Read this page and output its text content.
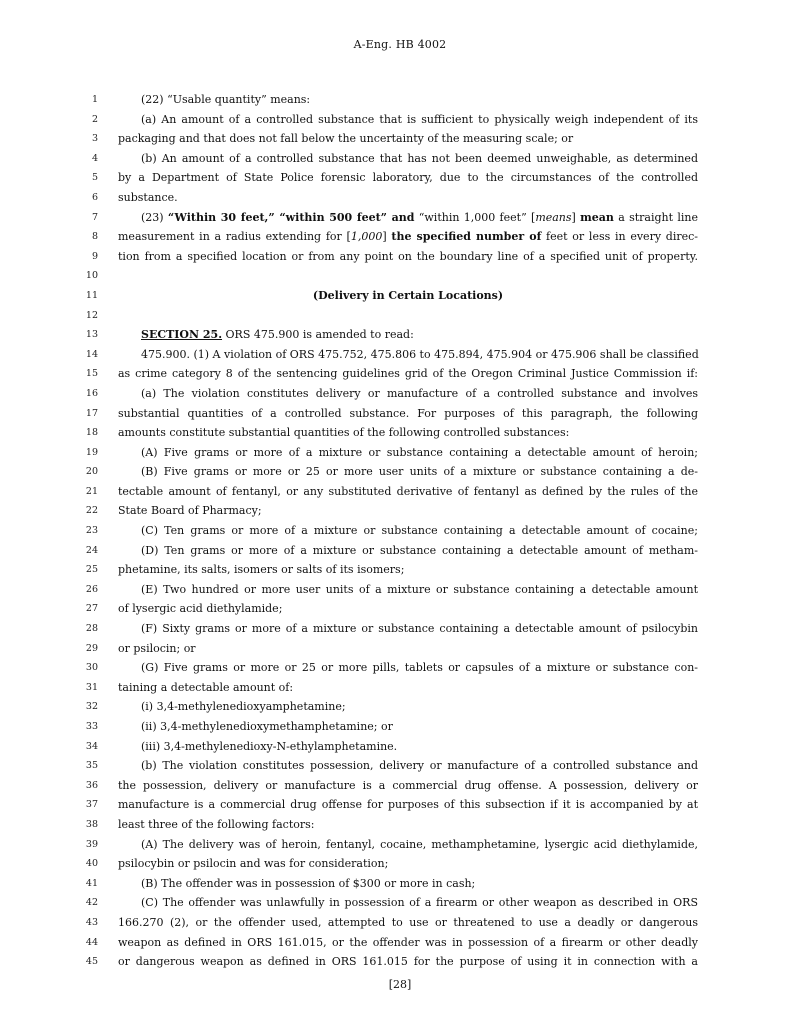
A-Eng. HB 4002
1	(22) “Usable quantity” means:
2	(a) An amount of a controlled substance that is sufficient to physically weigh independent of its
3 packaging and that does not fall below the uncertainty of the measuring scale; or
4	(b) An amount of a controlled substance that has not been deemed unweighable, as determined
5 by a Department of State Police forensic laboratory, due to the circumstances of the controlled
6 substance.
7	(23) “Within 30 feet,” “within 500 feet” and “within 1,000 feet” [means] mean a straight line
8 measurement in a radius extending for [1,000] the specified number of feet or less in every direc-
9 tion from a specified location or from any point on the boundary line of a specified unit of property.
10
11	(Delivery in Certain Locations)
12
13	SECTION 25. ORS 475.900 is amended to read:
14	475.900. (1) A violation of ORS 475.752, 475.806 to 475.894, 475.904 or 475.906 shall be classified
15 as crime category 8 of the sentencing guidelines grid of the Oregon Criminal Justice Commission if:
16	(a) The violation constitutes delivery or manufacture of a controlled substance and involves
17 substantial quantities of a controlled substance. For purposes of this paragraph, the following
18 amounts constitute substantial quantities of the following controlled substances:
19	(A) Five grams or more of a mixture or substance containing a detectable amount of heroin;
20	(B) Five grams or more or 25 or more user units of a mixture or substance containing a de-
21 tectable amount of fentanyl, or any substituted derivative of fentanyl as defined by the rules of the
22 State Board of Pharmacy;
23	(C) Ten grams or more of a mixture or substance containing a detectable amount of cocaine;
24	(D) Ten grams or more of a mixture or substance containing a detectable amount of metham-
25 phetamine, its salts, isomers or salts of its isomers;
26	(E) Two hundred or more user units of a mixture or substance containing a detectable amount
27 of lysergic acid diethylamide;
28	(F) Sixty grams or more of a mixture or substance containing a detectable amount of psilocybin
29 or psilocin; or
30	(G) Five grams or more or 25 or more pills, tablets or capsules of a mixture or substance con-
31 taining a detectable amount of:
32	(i) 3,4-methylenedioxyamphetamine;
33	(ii) 3,4-methylenedioxymethamphetamine; or
34	(iii) 3,4-methylenedioxy-N-ethylamphetamine.
35	(b) The violation constitutes possession, delivery or manufacture of a controlled substance and
36 the possession, delivery or manufacture is a commercial drug offense. A possession, delivery or
37 manufacture is a commercial drug offense for purposes of this subsection if it is accompanied by at
38 least three of the following factors:
39	(A) The delivery was of heroin, fentanyl, cocaine, methamphetamine, lysergic acid diethylamide,
40 psilocybin or psilocin and was for consideration;
41	(B) The offender was in possession of $300 or more in cash;
42	(C) The offender was unlawfully in possession of a firearm or other weapon as described in ORS
43 166.270 (2), or the offender used, attempted to use or threatened to use a deadly or dangerous
44 weapon as defined in ORS 161.015, or the offender was in possession of a firearm or other deadly
45 or dangerous weapon as defined in ORS 161.015 for the purpose of using it in connection with a
[28]
